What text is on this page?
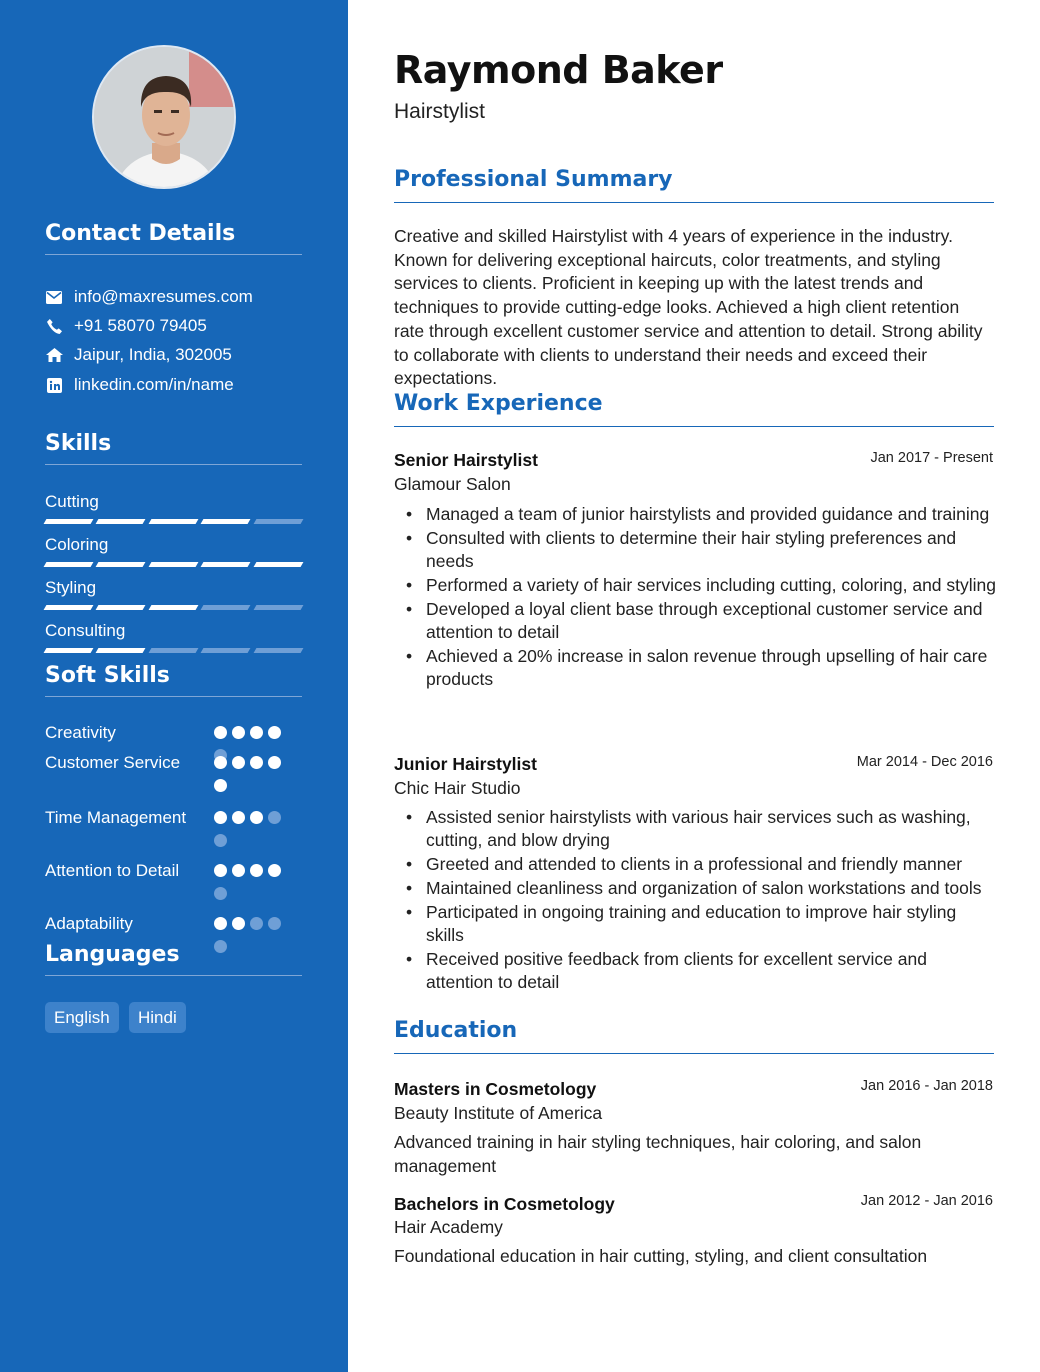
Contact Details
info@maxresumes.com
+91 58070 79405
Jaipur, India, 302005
linkedin.com/in/name
Skills
Cutting
Coloring
Styling
Consulting
Soft Skills
Creativity
Customer Service
Time Management
Attention to Detail
Adaptability
Languages
English	Hindi
Raymond Baker
Hairstylist
Professional Summary

Creative and skilled Hairstylist with 4 years of experience in the industry. Known for delivering exceptional haircuts, color treatments, and styling services to clients. Proficient in keeping up with the latest trends and techniques to provide cutting-edge looks. Achieved a high client retention rate through excellent customer service and attention to detail. Strong ability to collaborate with clients to understand their needs and exceed their expectations.

Work Experience
Senior Hairstylist	Jan 2017 - Present
Glamour Salon
• Managed a team of junior hairstylists and provided guidance and training
• Consulted with clients to determine their hair styling preferences and needs
• Performed a variety of hair services including cutting, coloring, and styling
• Developed a loyal client base through exceptional customer service and attention to detail
• Achieved a 20% increase in salon revenue through upselling of hair care products
Junior Hairstylist	Mar 2014 - Dec 2016
Chic Hair Studio
• Assisted senior hairstylists with various hair services such as washing, cutting, and blow drying
• Greeted and attended to clients in a professional and friendly manner
• Maintained cleanliness and organization of salon workstations and tools
• Participated in ongoing training and education to improve hair styling skills
• Received positive feedback from clients for excellent service and attention to detail
Education
Masters in Cosmetology	Jan 2016 - Jan 2018
Beauty Institute of America

Advanced training in hair styling techniques, hair coloring, and salon management

Bachelors in Cosmetology	Jan 2012 - Jan 2016
Hair Academy

Foundational education in hair cutting, styling, and client consultation
